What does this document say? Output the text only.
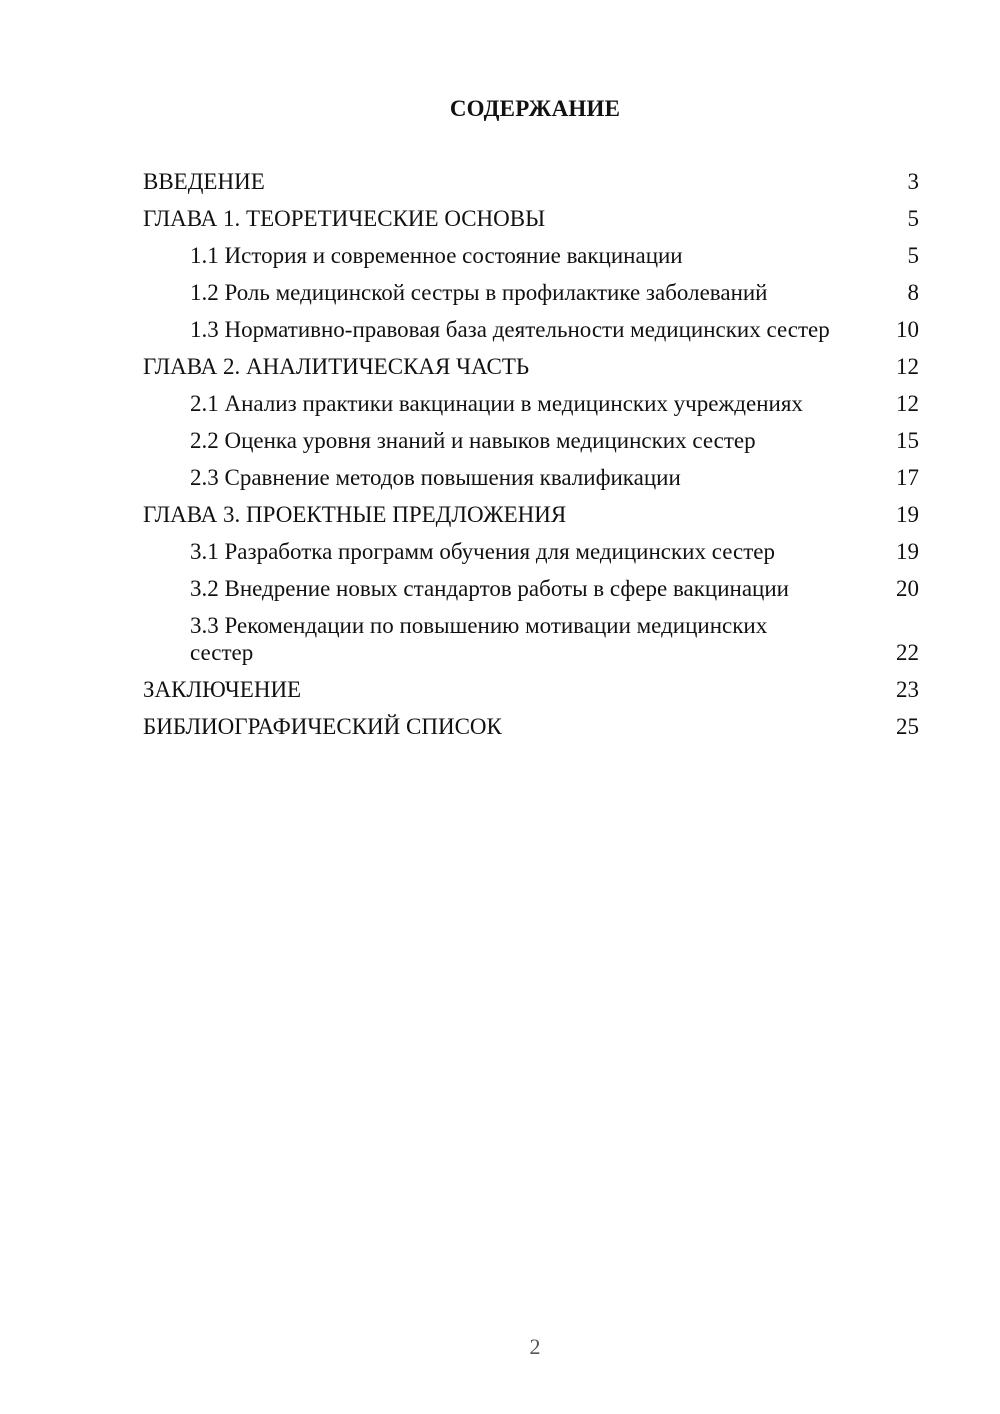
СОДЕРЖАНИЕ
ВВЕДЕНИЕ	3
ГЛАВА 1. ТЕОРЕТИЧЕСКИЕ ОСНОВЫ	5
1.1 История и современное состояние вакцинации	5
1.2 Роль медицинской сестры в профилактике заболеваний	8
1.3 Нормативно-правовая база деятельности медицинских сестер	10
ГЛАВА 2. АНАЛИТИЧЕСКАЯ ЧАСТЬ	12
2.1 Анализ практики вакцинации в медицинских учреждениях	12
2.2 Оценка уровня знаний и навыков медицинских сестер	15
2.3 Сравнение методов повышения квалификации	17
ГЛАВА 3. ПРОЕКТНЫЕ ПРЕДЛОЖЕНИЯ	19
3.1 Разработка программ обучения для медицинских сестер	19
3.2 Внедрение новых стандартов работы в сфере вакцинации	20
3.3 Рекомендации по повышению мотивации медицинских сестер	22
ЗАКЛЮЧЕНИЕ	23
БИБЛИОГРАФИЧЕСКИЙ СПИСОК	25
2
